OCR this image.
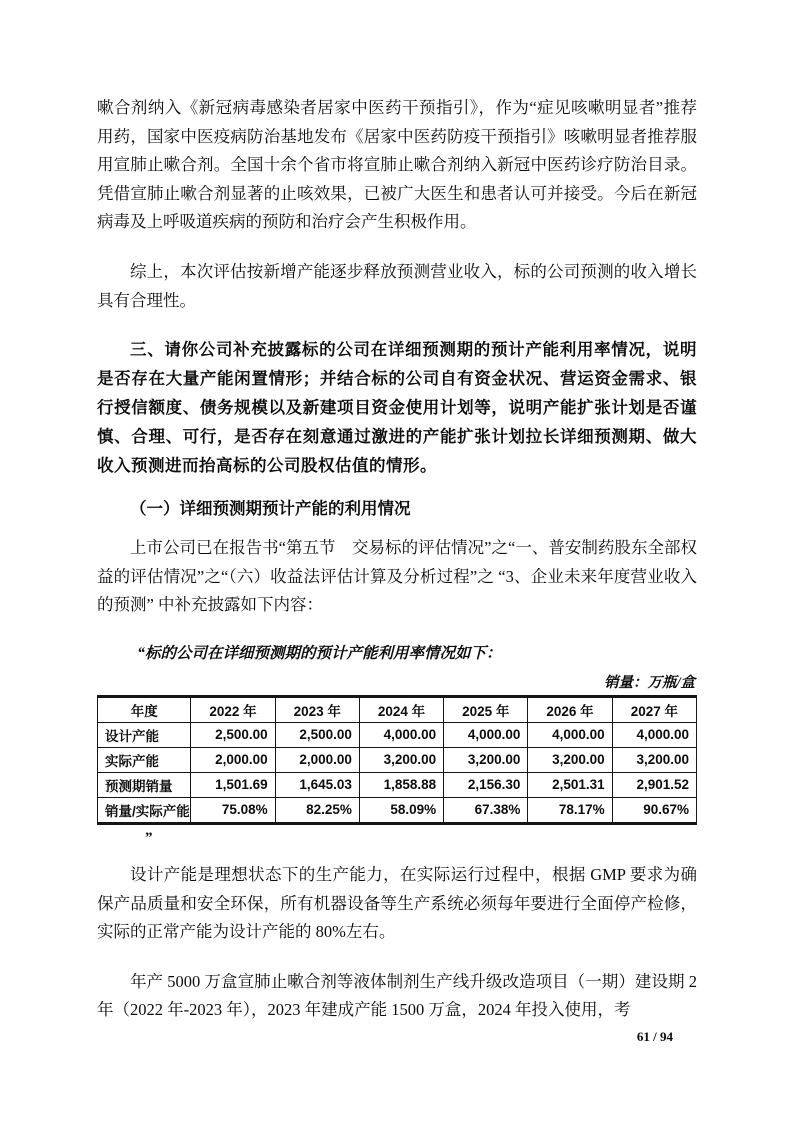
嗽合剂纳入《新冠病毒感染者居家中医药干预指引》，作为“症见咳嗽明显者”推荐用药，国家中医疫病防治基地发布《居家中医药防疫干预指引》咳嗽明显者推荐服用宣肺止嗽合剂。全国十余个省市将宣肺止嗽合剂纳入新冠中医药诊疗防治目录。凭借宣肺止嗽合剂显著的止咳效果，已被广大医生和患者认可并接受。今后在新冠病毒及上呼吸道疾病的预防和治疗会产生积极作用。

综上，本次评估按新增产能逐步释放预测营业收入，标的公司预测的收入增长具有合理性。

三、请你公司补充披露标的公司在详细预测期的预计产能利用率情况，说明是否存在大量产能闲置情形；并结合标的公司自有资金状况、营运资金需求、银行授信额度、债务规模以及新建项目资金使用计划等，说明产能扩张计划是否谨慎、合理、可行，是否存在刻意通过激进的产能扩张计划拉长详细预测期、做大收入预测进而抬高标的公司股权估值的情形。

（一）详细预测期预计产能的利用情况

上市公司已在报告书“第五节　交易标的评估情况”之“一、普安制药股东全部权益的评估情况”之“（六）收益法评估计算及分析过程”之 “3、企业未来年度营业收入的预测” 中补充披露如下内容：

“标的公司在详细预测期的预计产能利用率情况如下：

销量：万瓶/盒
年度	2022 年	2023 年	2024 年	2025 年	2026 年	2027 年
设计产能	2,500.00	2,500.00	4,000.00	4,000.00	4,000.00	4,000.00
实际产能	2,000.00	2,000.00	3,200.00	3,200.00	3,200.00	3,200.00
预测期销量	1,501.69	1,645.03	1,858.88	2,156.30	2,501.31	2,901.52
销量/实际产能	75.08%	82.25%	58.09%	67.38%	78.17%	90.67%

”

设计产能是理想状态下的生产能力，在实际运行过程中，根据 GMP 要求为确保产品质量和安全环保，所有机器设备等生产系统必须每年要进行全面停产检修，实际的正常产能为设计产能的 80%左右。

年产 5000 万盒宣肺止嗽合剂等液体制剂生产线升级改造项目（一期）建设期 2 年（2022 年-2023 年），2023 年建成产能 1500 万盒，2024 年投入使用，考

61 / 94
